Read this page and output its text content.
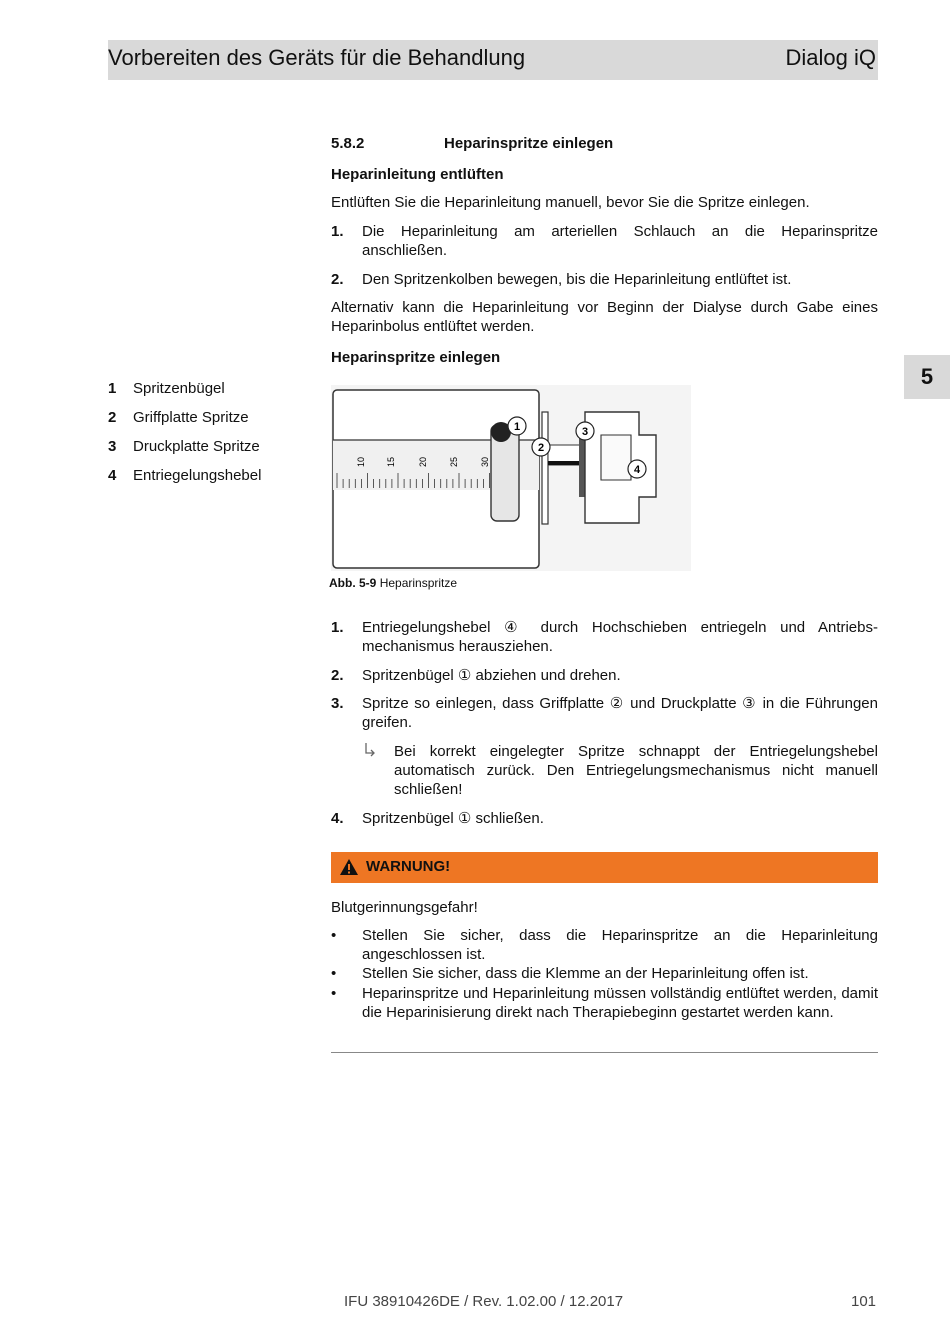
Vorbereiten des Geräts für die Behandlung	Dialog iQ
5
5.8.2	Heparinspritze einlegen
Heparinleitung entlüften
Entlüften Sie die Heparinleitung manuell, bevor Sie die Spritze einlegen.
1. Die Heparinleitung am arteriellen Schlauch an die Heparinspritze anschließen.
2. Den Spritzenkolben bewegen, bis die Heparinleitung entlüftet ist.
Alternativ kann die Heparinleitung vor Beginn der Dialyse durch Gabe eines Heparinbolus entlüftet werden.
Heparinspritze einlegen
1 Spritzenbügel
2 Griffplatte Spritze
3 Druckplatte Spritze
4 Entriegelungshebel
10 15 20 25 30
1
2
3
4
Abb. 5-9 Heparinspritze
1. Entriegelungshebel ④ durch Hochschieben entriegeln und Antriebs-mechanismus herausziehen.
2. Spritzenbügel ① abziehen und drehen.
3. Spritze so einlegen, dass Griffplatte ② und Druckplatte ③ in die Führungen greifen.
Bei korrekt eingelegter Spritze schnappt der Entriegelungshebel automatisch zurück. Den Entriegelungsmechanismus nicht manuell schließen!
4. Spritzenbügel ① schließen.
WARNUNG!
Blutgerinnungsgefahr!
• Stellen Sie sicher, dass die Heparinspritze an die Heparinleitung angeschlossen ist.
• Stellen Sie sicher, dass die Klemme an der Heparinleitung offen ist.
• Heparinspritze und Heparinleitung müssen vollständig entlüftet werden, damit die Heparinisierung direkt nach Therapiebeginn gestartet werden kann.
IFU 38910426DE / Rev. 1.02.00 / 12.2017	101
